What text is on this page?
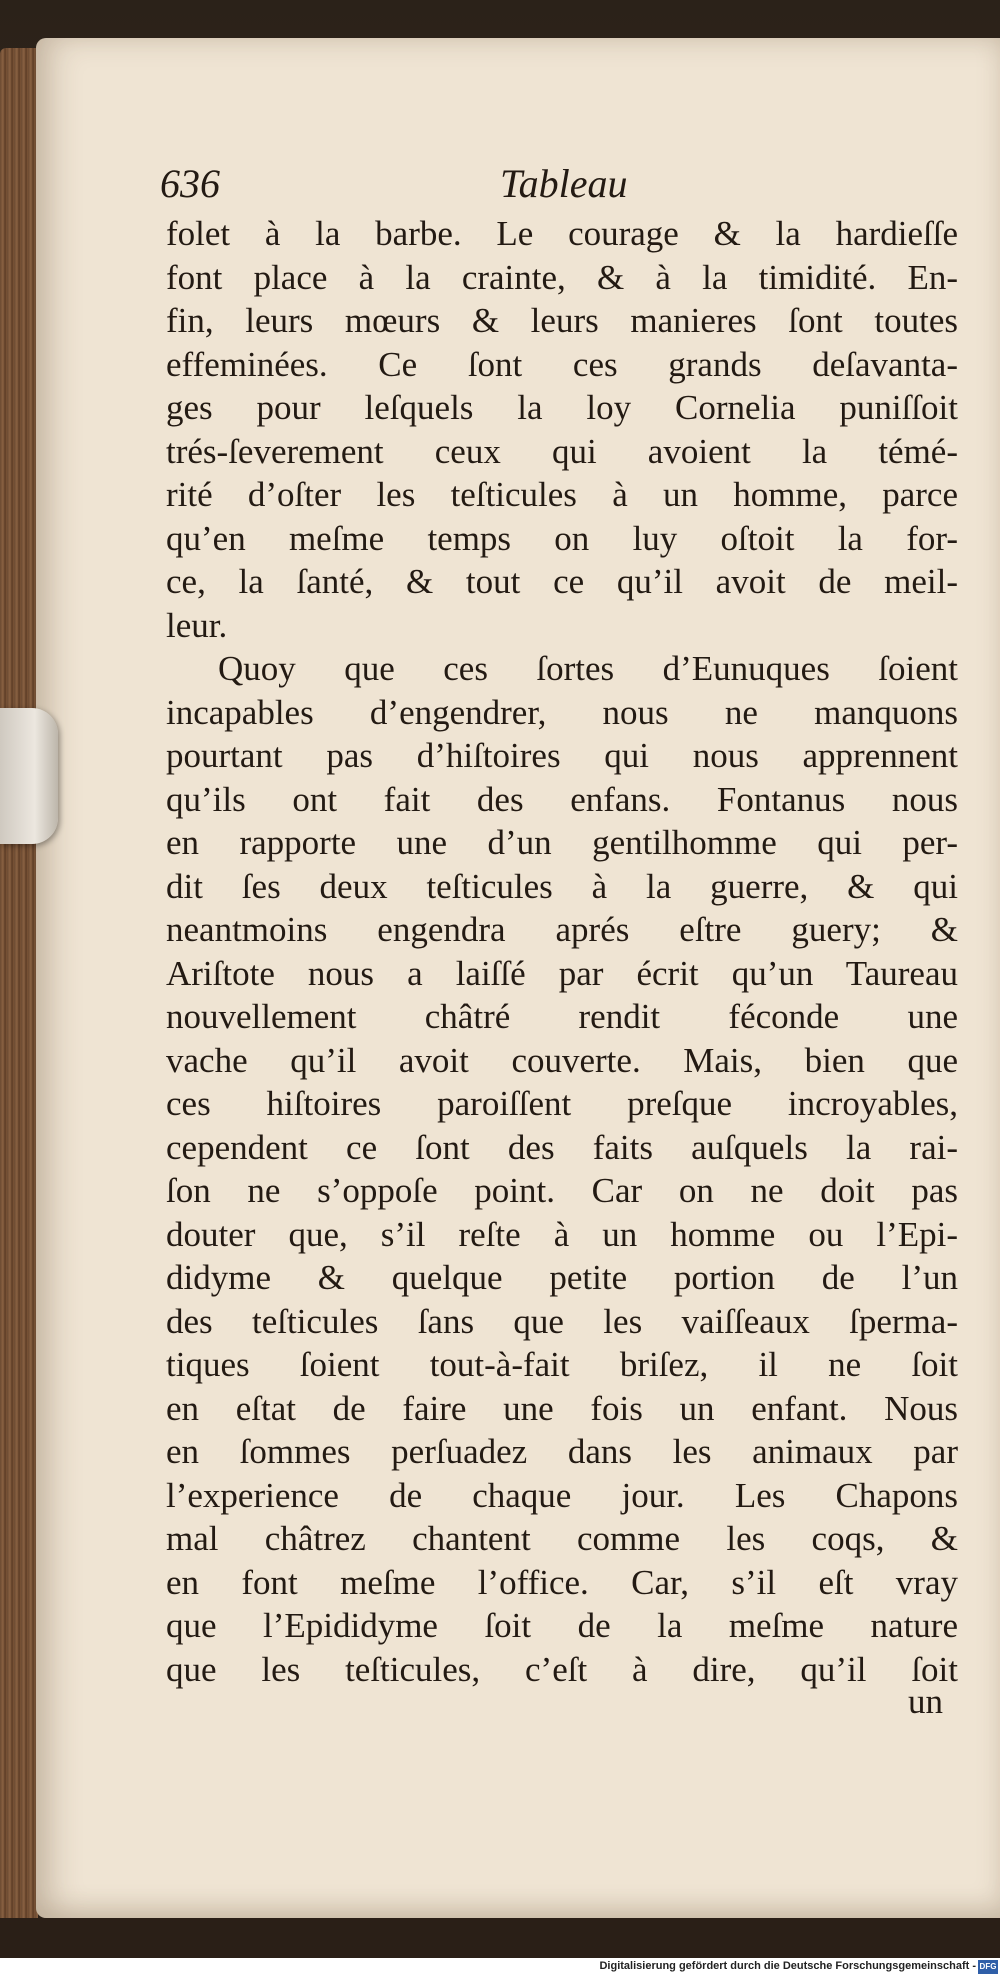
636	Tableau
folet à la barbe. Le courage & la hardieſſe
font place à la crainte, & à la timidité. En-
fin, leurs mœurs & leurs manieres ſont toutes
effeminées. Ce ſont ces grands deſavanta-
ges pour leſquels la loy Cornelia puniſſoit
trés-ſeverement ceux qui avoient la témé-
rité d’oſter les teſticules à un homme, parce
qu’en meſme temps on luy oſtoit la for-
ce, la ſanté, & tout ce qu’il avoit de meil-
leur.
Quoy que ces ſortes d’Eunuques ſoient
incapables d’engendrer, nous ne manquons
pourtant pas d’hiſtoires qui nous apprennent
qu’ils ont fait des enfans. Fontanus nous
en rapporte une d’un gentilhomme qui per-
dit ſes deux teſticules à la guerre, & qui
neantmoins engendra aprés eſtre guery; &
Ariſtote nous a laiſſé par écrit qu’un Taureau
nouvellement châtré rendit féconde une
vache qu’il avoit couverte. Mais, bien que
ces hiſtoires paroiſſent preſque incroyables,
cependent ce ſont des faits auſquels la rai-
ſon ne s’oppoſe point. Car on ne doit pas
douter que, s’il reſte à un homme ou l’Epi-
didyme & quelque petite portion de l’un
des teſticules ſans que les vaiſſeaux ſperma-
tiques ſoient tout-à-fait briſez, il ne ſoit
en eſtat de faire une fois un enfant. Nous
en ſommes perſuadez dans les animaux par
l’experience de chaque jour. Les Chapons
mal châtrez chantent comme les coqs, &
en font meſme l’office. Car, s’il eſt vray
que l’Epididyme ſoit de la meſme nature
que les teſticules, c’eſt à dire, qu’il ſoit
un
Digitalisierung gefördert durch die Deutsche Forschungsgemeinschaft - DFG
